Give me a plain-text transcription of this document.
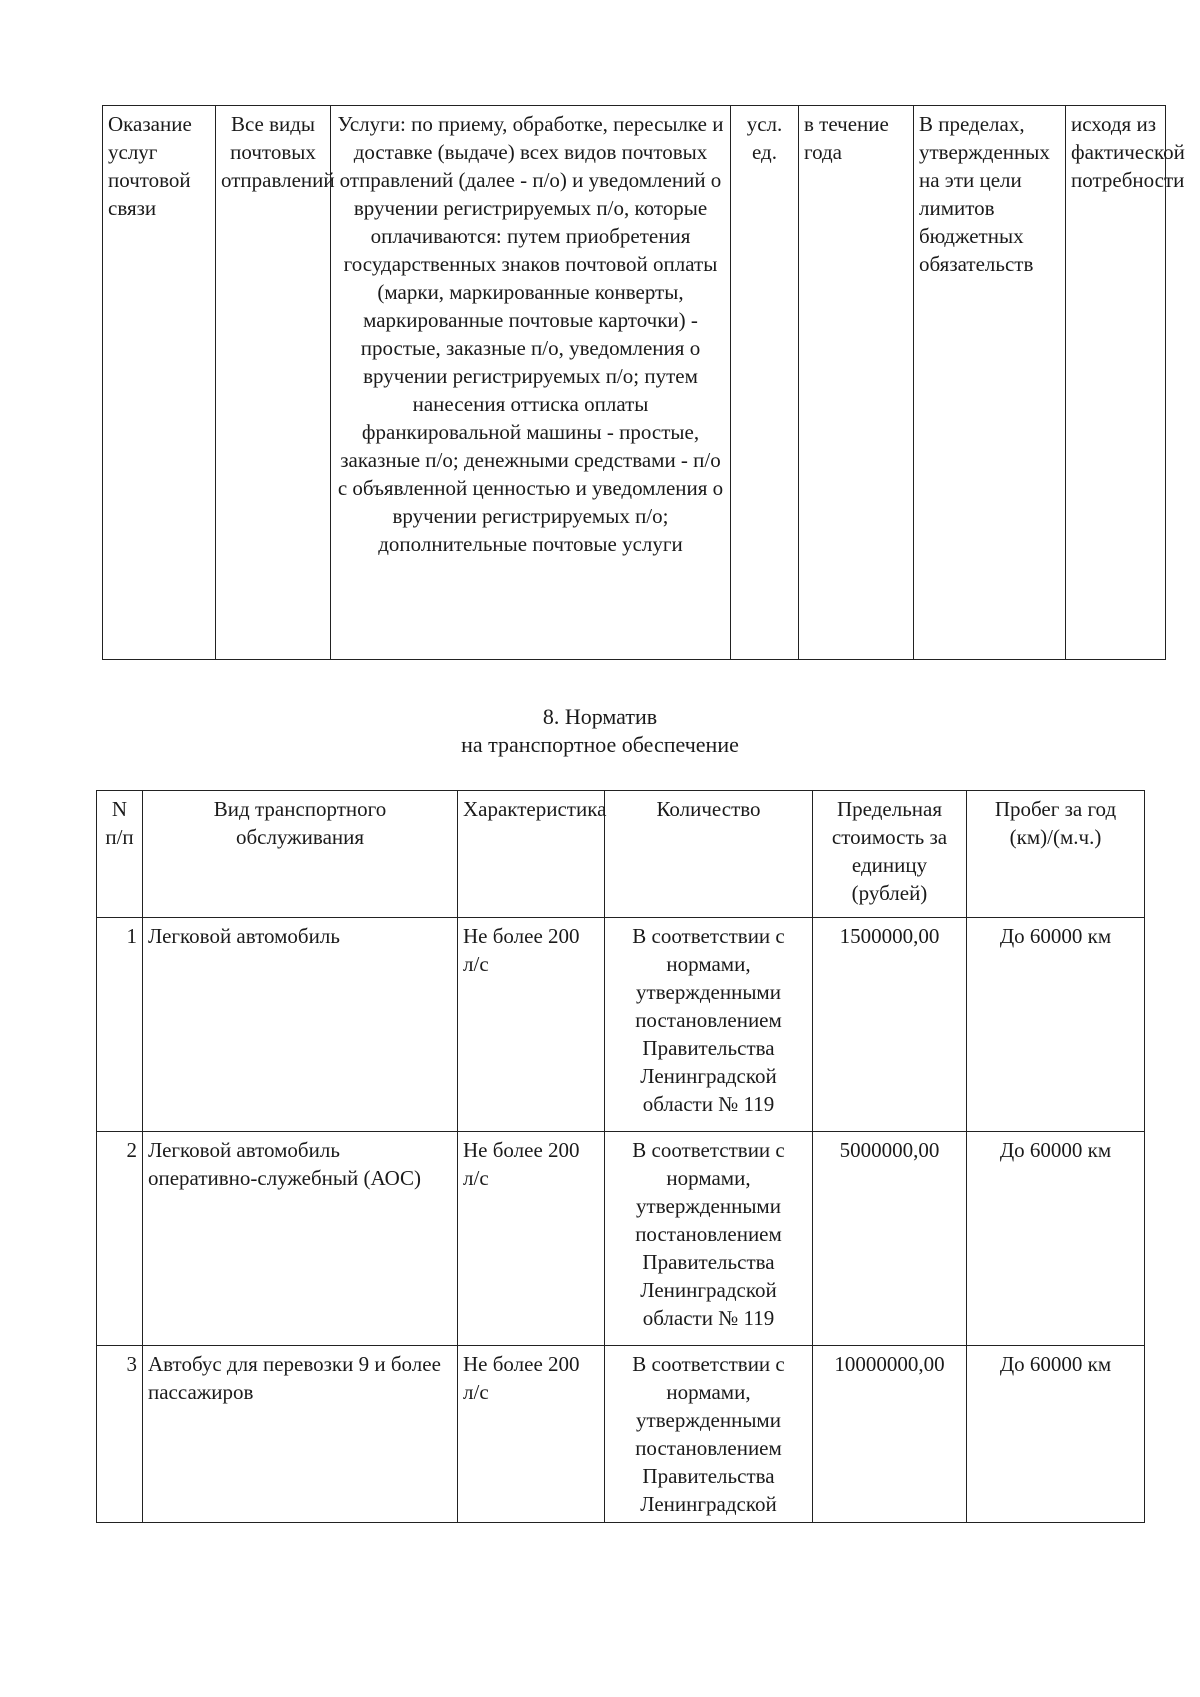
Оказание услуг почтовой связи	Все виды почтовых отправлений	Услуги: по приему, обработке, пересылке и доставке (выдаче) всех видов почтовых отправлений (далее - п/о) и уведомлений о вручении регистрируемых п/о, которые оплачиваются: путем приобретения государственных знаков почтовой оплаты (марки, маркированные конверты, маркированные почтовые карточки) - простые, заказные п/о, уведомления о вручении регистрируемых п/о; путем нанесения оттиска оплаты франкировальной машины - простые, заказные п/о; денежными средствами - п/о с объявленной ценностью и уведомления о вручении регистрируемых п/о; дополнительные почтовые услуги	усл. ед.	в течение года	В пределах, утвержденных на эти цели лимитов бюджетных обязательств	исходя из фактической потребности
8. Норматив
на транспортное обеспечение
N п/п	Вид транспортного обслуживания	Характеристика	Количество	Предельная стоимость за единицу (рублей)	Пробег за год (км)/(м.ч.)
1	Легковой автомобиль	Не более 200 л/с	В соответствии с нормами, утвержденными постановлением Правительства Ленинградской области № 119	1500000,00	До 60000 км
2	Легковой автомобиль оперативно-служебный (АОС)	Не более 200 л/с	В соответствии с нормами, утвержденными постановлением Правительства Ленинградской области № 119	5000000,00	До 60000 км
3	Автобус для перевозки 9 и более пассажиров	Не более 200 л/с	В соответствии с нормами, утвержденными постановлением Правительства Ленинградской	10000000,00	До 60000 км
